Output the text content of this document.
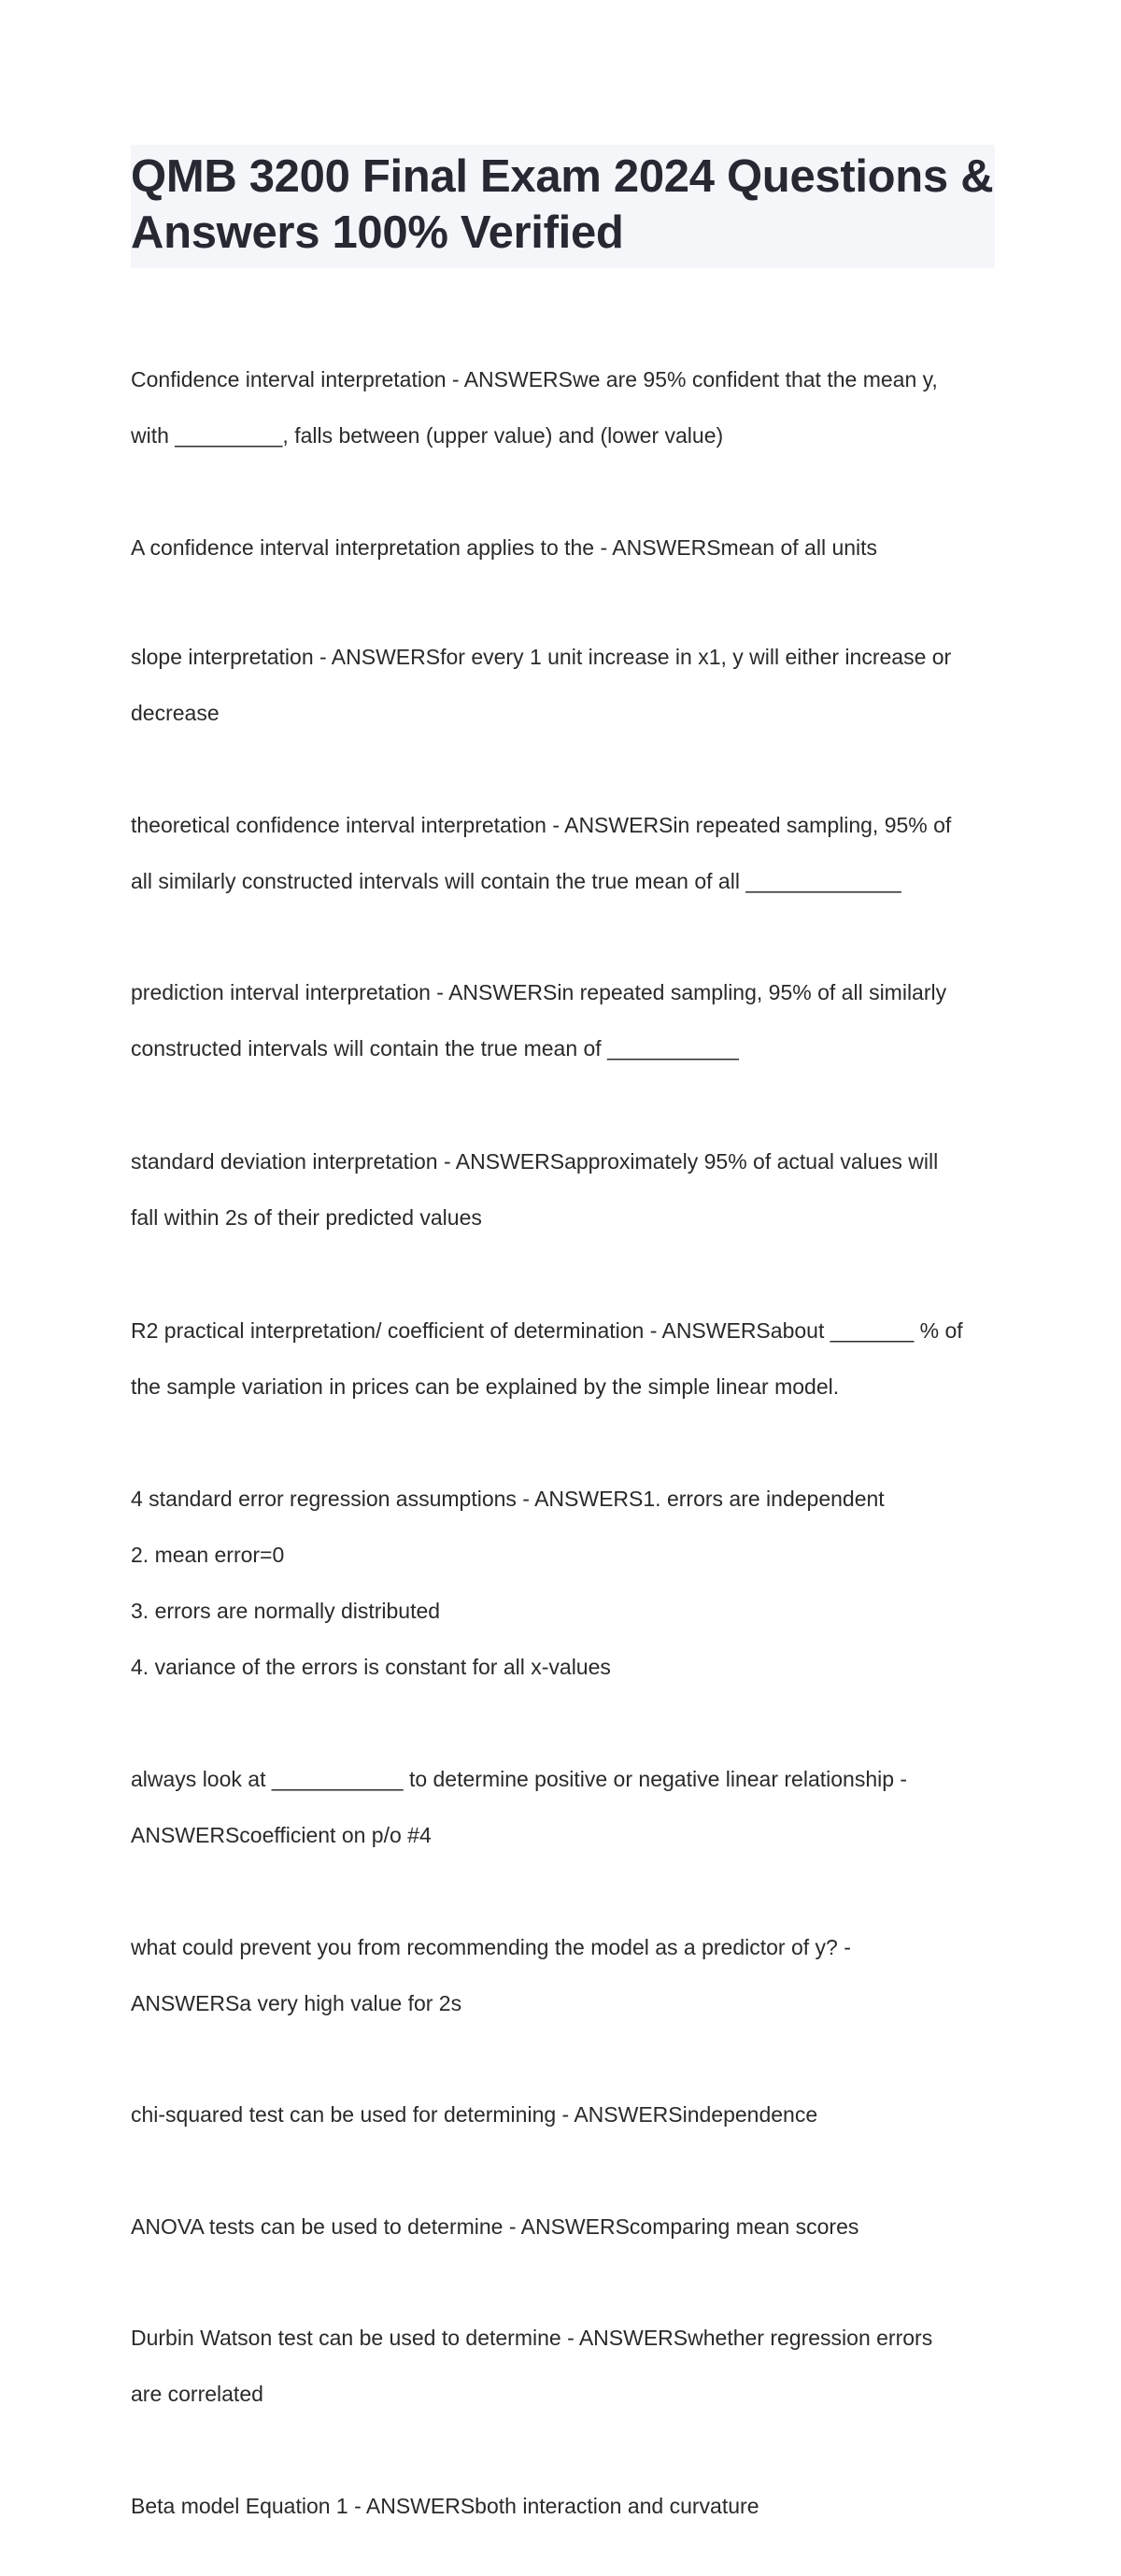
QMB 3200 Final Exam 2024 Questions & Answers 100% Verified

Confidence interval interpretation - ANSWERSwe are 95% confident that the mean y,

with _________, falls between (upper value) and (lower value)

A confidence interval interpretation applies to the - ANSWERSmean of all units

slope interpretation - ANSWERSfor every 1 unit increase in x1, y will either increase or

decrease

theoretical confidence interval interpretation - ANSWERSin repeated sampling, 95% of

all similarly constructed intervals will contain the true mean of all _____________

prediction interval interpretation - ANSWERSin repeated sampling, 95% of all similarly

constructed intervals will contain the true mean of ___________

standard deviation interpretation - ANSWERSapproximately 95% of actual values will

fall within 2s of their predicted values

R2 practical interpretation/ coefficient of determination - ANSWERSabout _______ % of

the sample variation in prices can be explained by the simple linear model.

4 standard error regression assumptions - ANSWERS1. errors are independent

2. mean error=0

3. errors are normally distributed

4. variance of the errors is constant for all x-values

always look at ___________ to determine positive or negative linear relationship -

ANSWERScoefficient on p/o #4

what could prevent you from recommending the model as a predictor of y? -

ANSWERSa very high value for 2s

chi-squared test can be used for determining - ANSWERSindependence

ANOVA tests can be used to determine - ANSWERScomparing mean scores

Durbin Watson test can be used to determine - ANSWERSwhether regression errors

are correlated

Beta model Equation 1 - ANSWERSboth interaction and curvature
